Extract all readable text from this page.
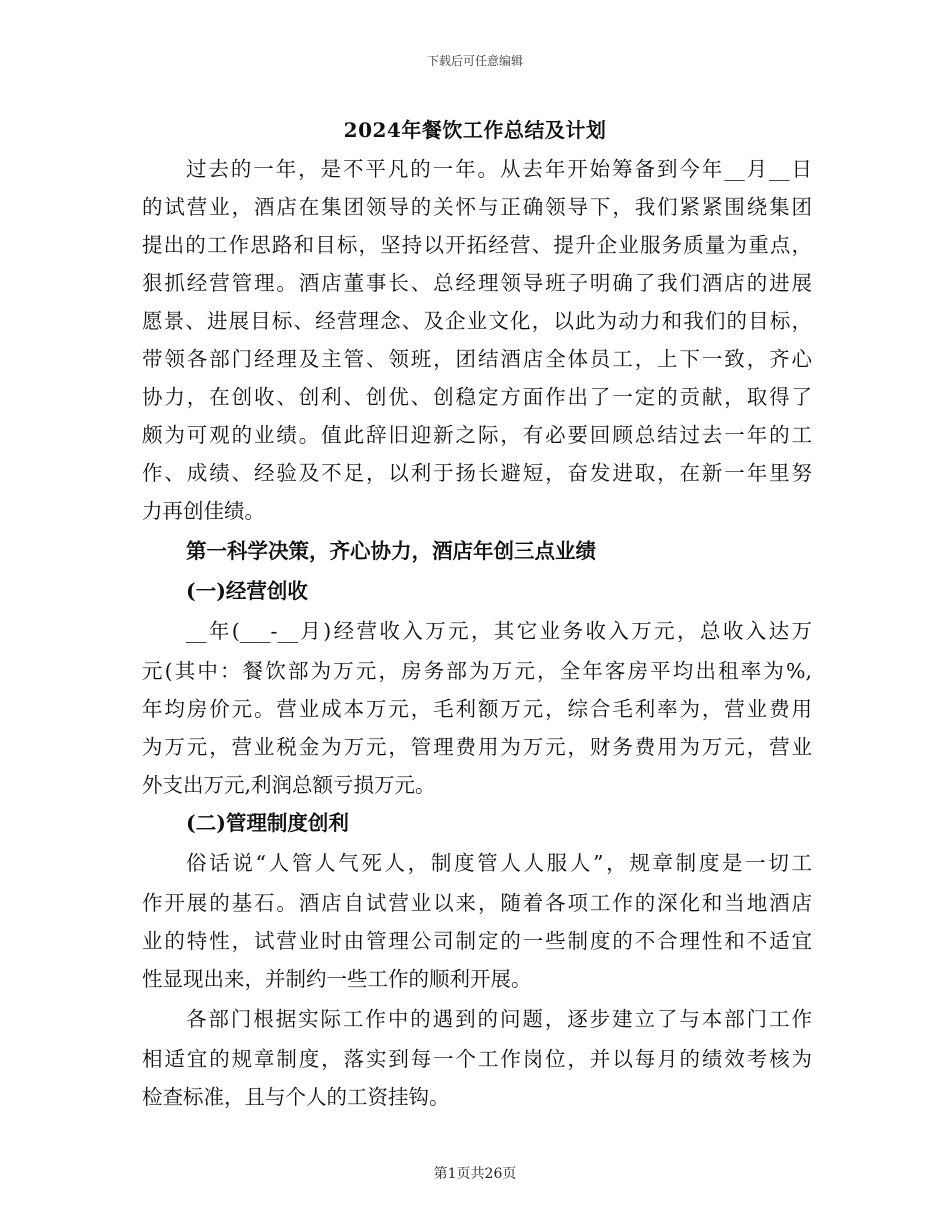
下载后可任意编辑
2024年餐饮工作总结及计划
过去的一年，是不平凡的一年。从去年开始筹备到今年__月__日
的试营业，酒店在集团领导的关怀与正确领导下，我们紧紧围绕集团
提出的工作思路和目标，坚持以开拓经营、提升企业服务质量为重点，
狠抓经营管理。酒店董事长、总经理领导班子明确了我们酒店的进展
愿景、进展目标、经营理念、及企业文化，以此为动力和我们的目标，
带领各部门经理及主管、领班，团结酒店全体员工，上下一致，齐心
协力，在创收、创利、创优、创稳定方面作出了一定的贡献，取得了
颇为可观的业绩。值此辞旧迎新之际，有必要回顾总结过去一年的工
作、成绩、经验及不足，以利于扬长避短，奋发进取，在新一年里努
力再创佳绩。
第一科学决策，齐心协力，酒店年创三点业绩
(一)经营创收
__年(___-__月)经营收入万元，其它业务收入万元，总收入达万
元(其中：餐饮部为万元，房务部为万元，全年客房平均出租率为%,
年均房价元。营业成本万元，毛利额万元，综合毛利率为，营业费用
为万元，营业税金为万元，管理费用为万元，财务费用为万元，营业
外支出万元,利润总额亏损万元。
(二)管理制度创利
俗话说“人管人气死人，制度管人人服人”，规章制度是一切工
作开展的基石。酒店自试营业以来，随着各项工作的深化和当地酒店
业的特性，试营业时由管理公司制定的一些制度的不合理性和不适宜
性显现出来，并制约一些工作的顺利开展。
各部门根据实际工作中的遇到的问题，逐步建立了与本部门工作
相适宜的规章制度，落实到每一个工作岗位，并以每月的绩效考核为
检查标准，且与个人的工资挂钩。
第1页共26页
